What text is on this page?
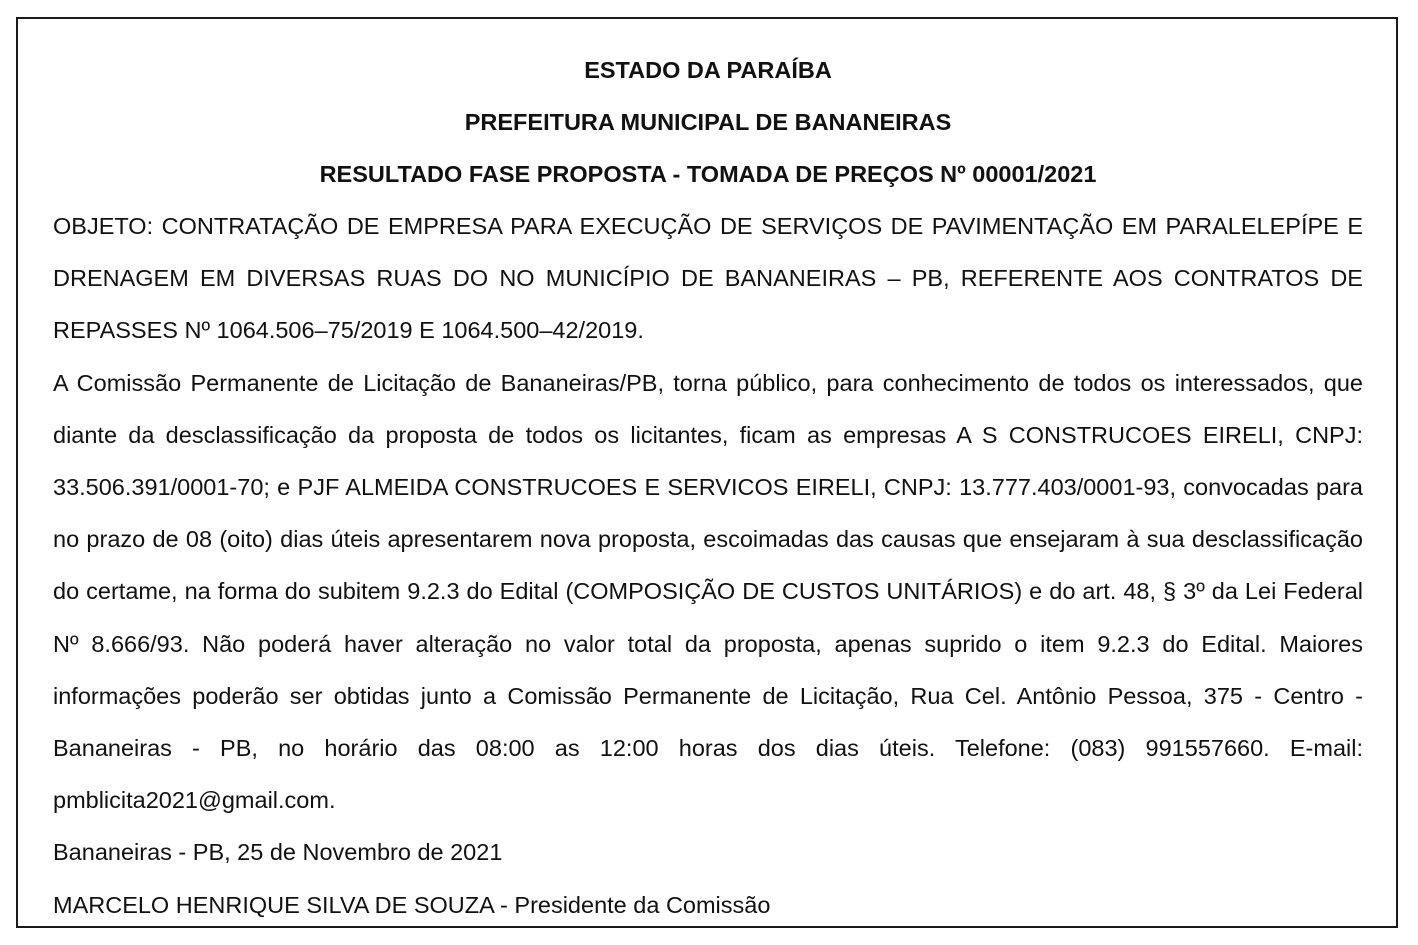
ESTADO DA PARAÍBA

PREFEITURA MUNICIPAL DE BANANEIRAS

RESULTADO FASE PROPOSTA - TOMADA DE PREÇOS Nº 00001/2021

OBJETO: CONTRATAÇÃO DE EMPRESA PARA EXECUÇÃO DE SERVIÇOS DE PAVIMENTAÇÃO EM PARALELEPÍPE E DRENAGEM EM DIVERSAS RUAS DO NO MUNICÍPIO DE BANANEIRAS – PB, REFERENTE AOS CONTRATOS DE REPASSES Nº 1064.506–75/2019 E 1064.500–42/2019.

A Comissão Permanente de Licitação de Bananeiras/PB, torna público, para conhecimento de todos os interessados, que diante da desclassificação da proposta de todos os licitantes, ficam as empresas A S CONSTRUCOES EIRELI, CNPJ: 33.506.391/0001-70; e PJF ALMEIDA CONSTRUCOES E SERVICOS EIRELI, CNPJ: 13.777.403/0001-93, convocadas para no prazo de 08 (oito) dias úteis apresentarem nova proposta, escoimadas das causas que ensejaram à sua desclassificação do certame, na forma do subitem 9.2.3 do Edital (COMPOSIÇÃO DE CUSTOS UNITÁRIOS) e do art. 48, § 3º da Lei Federal Nº 8.666/93. Não poderá haver alteração no valor total da proposta, apenas suprido o item 9.2.3 do Edital. Maiores informações poderão ser obtidas junto a Comissão Permanente de Licitação, Rua Cel. Antônio Pessoa, 375 - Centro - Bananeiras - PB, no horário das 08:00 as 12:00 horas dos dias úteis. Telefone: (083) 991557660. E-mail: pmblicita2021@gmail.com.

Bananeiras - PB, 25 de Novembro de 2021

MARCELO HENRIQUE SILVA DE SOUZA - Presidente da Comissão
